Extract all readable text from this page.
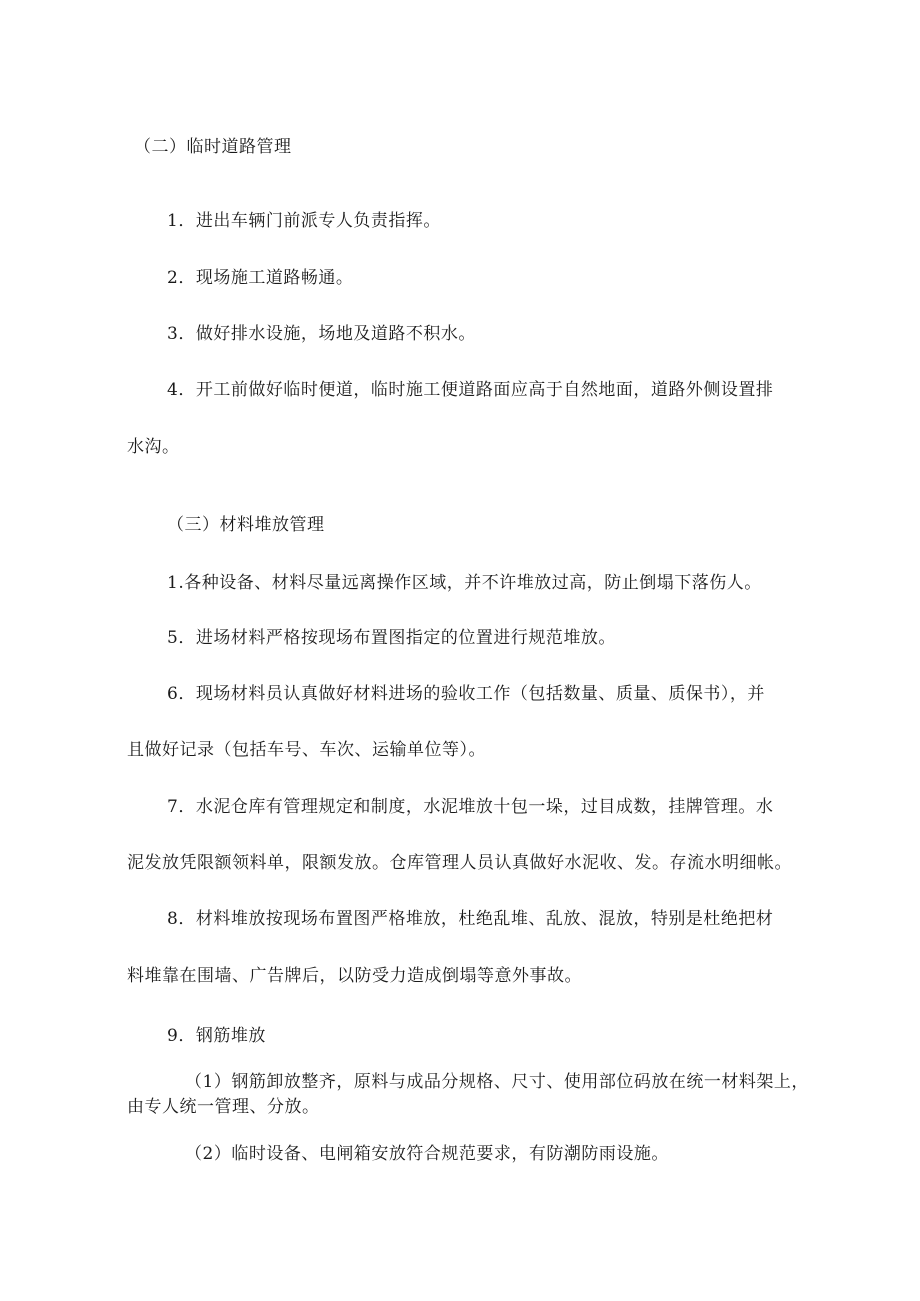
（二）临时道路管理
1．进出车辆门前派专人负责指挥。
2．现场施工道路畅通。
3．做好排水设施，场地及道路不积水。
4．开工前做好临时便道，临时施工便道路面应高于自然地面，道路外侧设置排
水沟。
（三）材料堆放管理
1.各种设备、材料尽量远离操作区域，并不许堆放过高，防止倒塌下落伤人。
5．进场材料严格按现场布置图指定的位置进行规范堆放。
6．现场材料员认真做好材料进场的验收工作（包括数量、质量、质保书），并
且做好记录（包括车号、车次、运输单位等）。
7．水泥仓库有管理规定和制度，水泥堆放十包一垛，过目成数，挂牌管理。水
泥发放凭限额领料单，限额发放。仓库管理人员认真做好水泥收、发。存流水明细帐。
8．材料堆放按现场布置图严格堆放，杜绝乱堆、乱放、混放，特别是杜绝把材
料堆靠在围墙、广告牌后，以防受力造成倒塌等意外事故。
9．钢筋堆放
（1）钢筋卸放整齐，原料与成品分规格、尺寸、使用部位码放在统一材料架上，
由专人统一管理、分放。
（2）临时设备、电闸箱安放符合规范要求，有防潮防雨设施。
